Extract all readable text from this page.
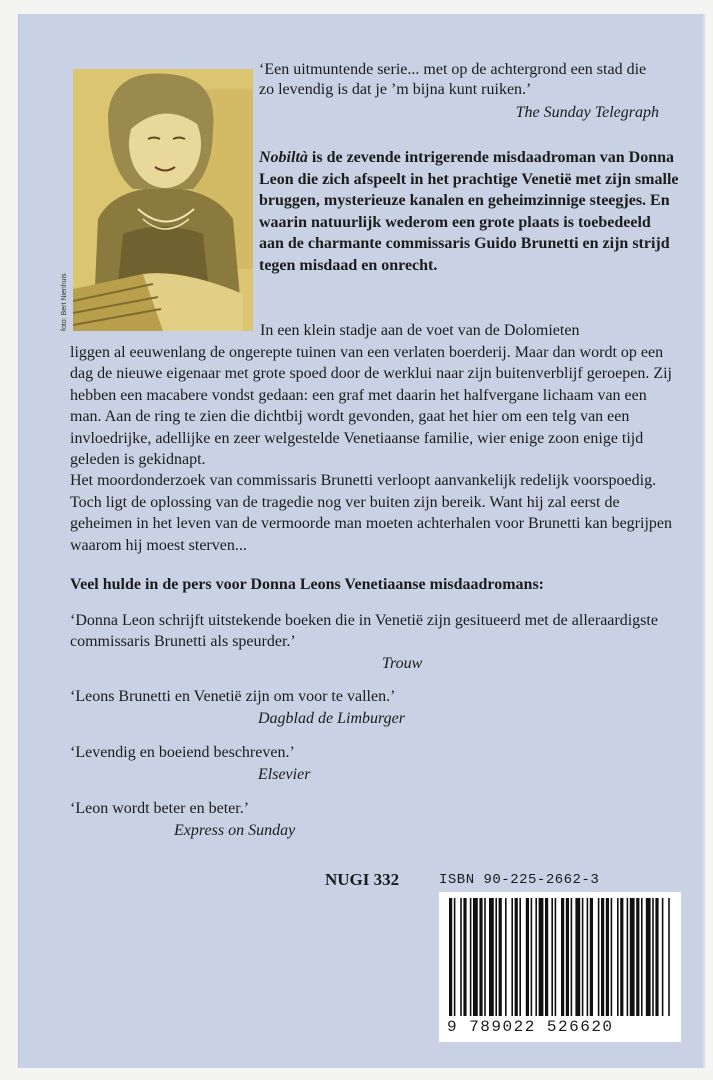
foto: Bert Nienhuis
‘Een uitmuntende serie... met op de achtergrond een stad die zo levendig is dat je ’m bijna kunt ruiken.’
The Sunday Telegraph
Nobiltà is de zevende intrigerende misdaadroman van Donna Leon die zich afspeelt in het prachtige Venetië met zijn smalle bruggen, mysterieuze kanalen en geheimzinnige steegjes. En waarin natuurlijk wederom een grote plaats is toebedeeld aan de charmante commissaris Guido Brunetti en zijn strijd tegen misdaad en onrecht.
In een klein stadje aan de voet van de Dolomieten
liggen al eeuwenlang de ongerepte tuinen van een verlaten boerderij. Maar dan wordt op een dag de nieuwe eigenaar met grote spoed door de werklui naar zijn buitenverblijf geroepen. Zij hebben een macabere vondst gedaan: een graf met daarin het halfvergane lichaam van een man. Aan de ring te zien die dichtbij wordt gevonden, gaat het hier om een telg van een invloedrijke, adellijke en zeer welgestelde Venetiaanse familie, wier enige zoon enige tijd geleden is gekidnapt.
Het moordonderzoek van commissaris Brunetti verloopt aanvankelijk redelijk voorspoedig. Toch ligt de oplossing van de tragedie nog ver buiten zijn bereik. Want hij zal eerst de geheimen in het leven van de vermoorde man moeten achterhalen voor Brunetti kan begrijpen waarom hij moest sterven...
Veel hulde in de pers voor Donna Leons Venetiaanse misdaadromans:
‘Donna Leon schrijft uitstekende boeken die in Venetië zijn gesitueerd met de alleraardigste commissaris Brunetti als speurder.’
Trouw
‘Leons Brunetti en Venetië zijn om voor te vallen.’
Dagblad de Limburger
‘Levendig en boeiend beschreven.’
Elsevier
‘Leon wordt beter en beter.’
Express on Sunday
NUGI 332	ISBN 90-225-2662-3
9 789022 526620
